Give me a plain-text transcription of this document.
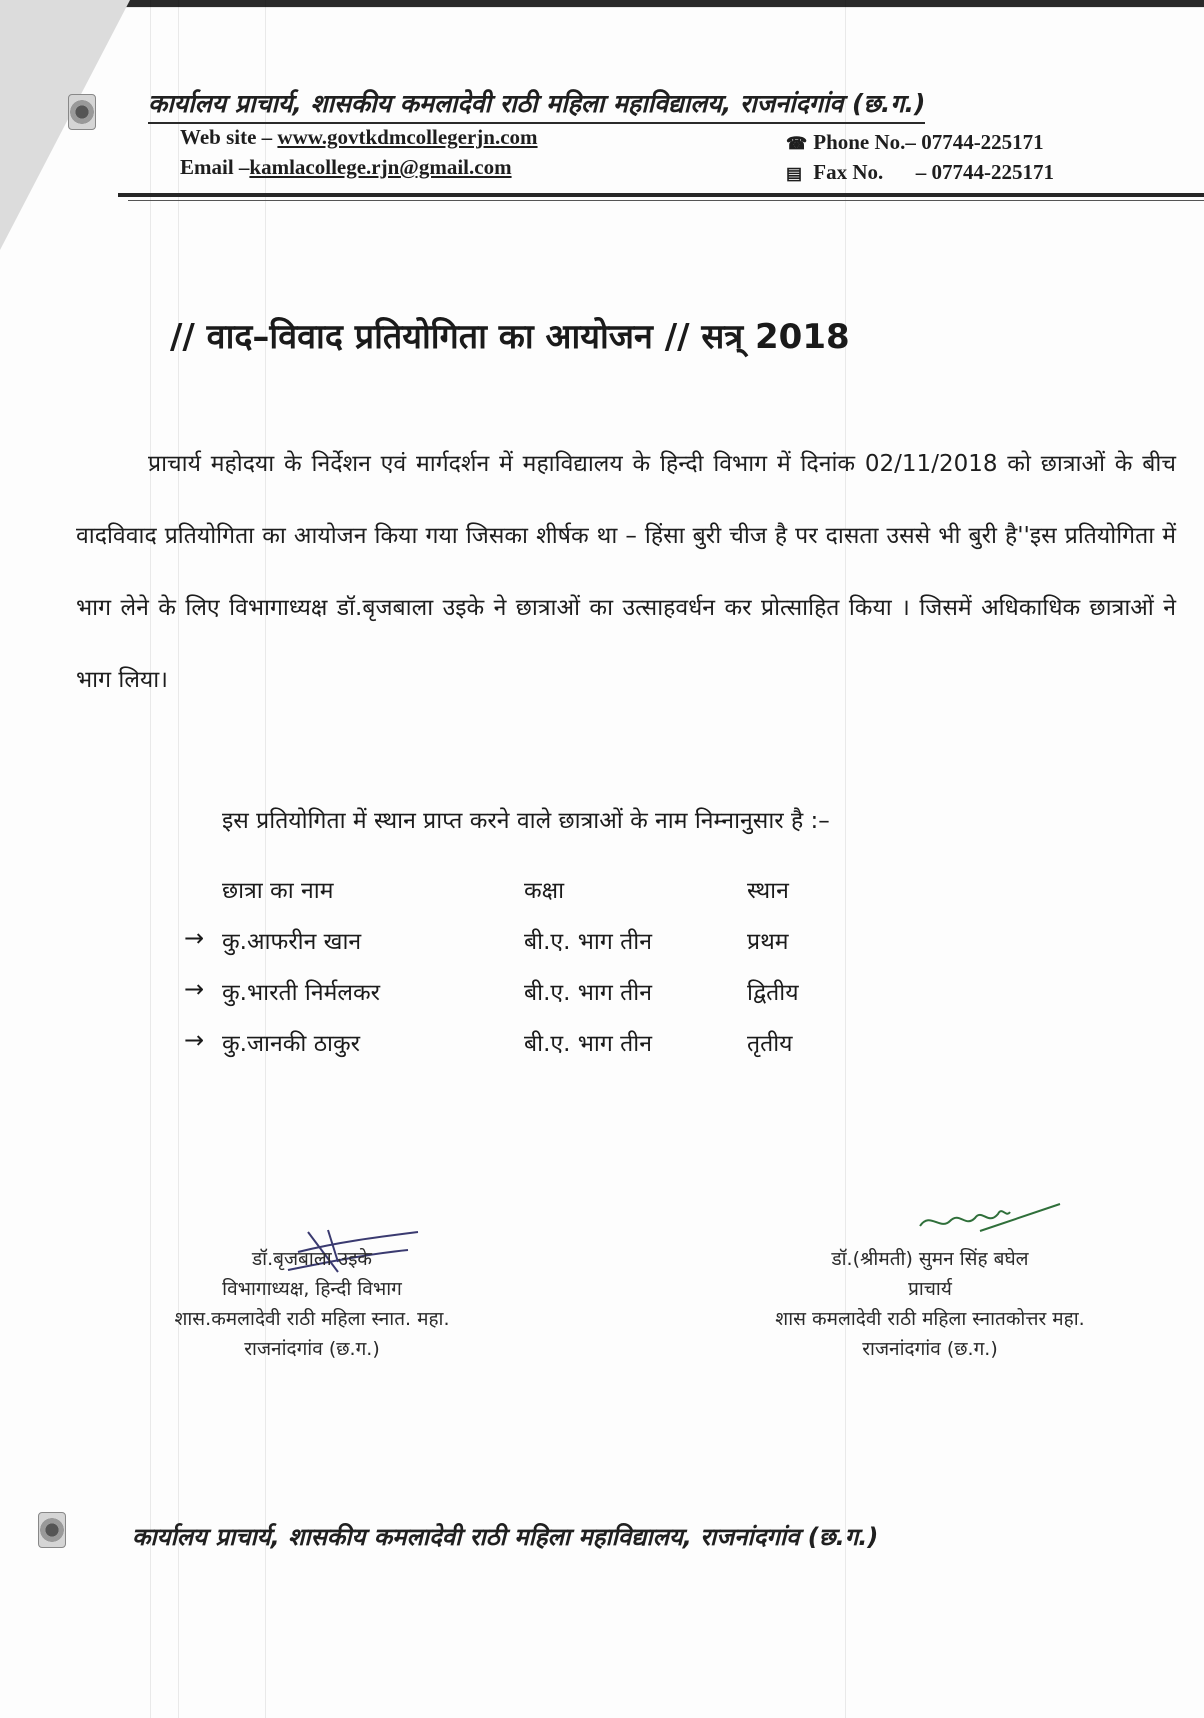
कार्यालय प्राचार्य, शासकीय कमलादेवी राठी महिला महाविद्यालय, राजनांदगांव (छ.ग.)
Web site – www.govtkdmcollegerjn.com
Email –kamlacollege.rjn@gmail.com
☎ Phone No.– 07744-225171
▤ Fax No. – 07744-225171
// वाद–विवाद प्रतियोगिता का आयोजन // सत्र् 2018
प्राचार्य महोदया के निर्देशन एवं मार्गदर्शन में महाविद्यालय के हिन्दी विभाग में दिनांक 02/11/2018 को छात्राओं के बीच वादविवाद प्रतियोगिता का आयोजन किया गया जिसका शीर्षक था – हिंसा बुरी चीज है पर दासता उससे भी बुरी है''इस प्रतियोगिता में भाग लेने के लिए विभागाध्यक्ष डॉ.बृजबाला उइके ने छात्राओं का उत्साहवर्धन कर प्रोत्साहित किया । जिसमें अधिकाधिक छात्राओं ने भाग लिया।
इस प्रतियोगिता में स्थान प्राप्त करने वाले छात्राओं के नाम निम्नानुसार है :–
छात्रा का नाम	कक्षा	स्थान
→ कु.आफरीन खान	बी.ए. भाग तीन	प्रथम
→ कु.भारती निर्मलकर	बी.ए. भाग तीन	द्वितीय
→ कु.जानकी ठाकुर	बी.ए. भाग तीन	तृतीय
डॉ.बृजबाला उइके
विभागाध्यक्ष, हिन्दी विभाग
शास.कमलादेवी राठी महिला स्नात. महा.
राजनांदगांव (छ.ग.)
डॉ.(श्रीमती) सुमन सिंह बघेल
प्राचार्य
शास कमलादेवी राठी महिला स्नातकोत्तर महा.
राजनांदगांव (छ.ग.)
कार्यालय प्राचार्य, शासकीय कमलादेवी राठी महिला महाविद्यालय, राजनांदगांव (छ.ग.)
